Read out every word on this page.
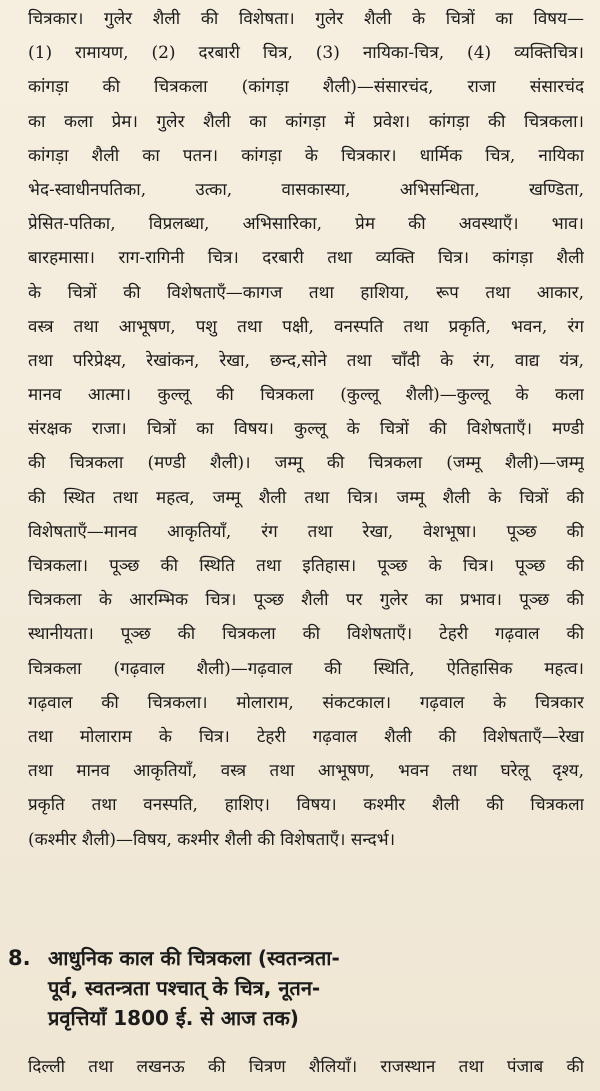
चित्रकार। गुलेर शैली की विशेषता। गुलेर शैली के चित्रों का विषय—
(1) रामायण, (2) दरबारी चित्र, (3) नायिका-चित्र, (4) व्यक्तिचित्र।
कांगड़ा की चित्रकला (कांगड़ा शैली)—संसारचंद, राजा संसारचंद
का कला प्रेम। गुलेर शैली का कांगड़ा में प्रवेश। कांगड़ा की चित्रकला।
कांगड़ा शैली का पतन। कांगड़ा के चित्रकार। धार्मिक चित्र, नायिका
भेद-स्वाधीनपतिका, उत्का, वासकास्या, अभिसन्धिता, खण्डिता,
प्रेसित-पतिका, विप्रलब्धा, अभिसारिका, प्रेम की अवस्थाएँ। भाव।
बारहमासा। राग-रागिनी चित्र। दरबारी तथा व्यक्ति चित्र। कांगड़ा शैली
के चित्रों की विशेषताएँ—कागज तथा हाशिया, रूप तथा आकार,
वस्त्र तथा आभूषण, पशु तथा पक्षी, वनस्पति तथा प्रकृति, भवन, रंग
तथा परिप्रेक्ष्य, रेखांकन, रेखा, छन्द,सोने तथा चाँदी के रंग, वाद्य यंत्र,
मानव आत्मा। कुल्लू की चित्रकला (कुल्लू शैली)—कुल्लू के कला
संरक्षक राजा। चित्रों का विषय। कुल्लू के चित्रों की विशेषताएँ। मण्डी
की चित्रकला (मण्डी शैली)। जम्मू की चित्रकला (जम्मू शैली)—जम्मू
की स्थित तथा महत्व, जम्मू शैली तथा चित्र। जम्मू शैली के चित्रों की
विशेषताएँ—मानव आकृतियाँ, रंग तथा रेखा, वेशभूषा। पूञ्छ की
चित्रकला। पूञ्छ की स्थिति तथा इतिहास। पूञ्छ के चित्र। पूञ्छ की
चित्रकला के आरम्भिक चित्र। पूञ्छ शैली पर गुलेर का प्रभाव। पूञ्छ की
स्थानीयता। पूञ्छ की चित्रकला की विशेषताएँ। टेहरी गढ़वाल की
चित्रकला (गढ़वाल शैली)—गढ़वाल की स्थिति, ऐतिहासिक महत्व।
गढ़वाल की चित्रकला। मोलाराम, संकटकाल। गढ़वाल के चित्रकार
तथा मोलाराम के चित्र। टेहरी गढ़वाल शैली की विशेषताएँ—रेखा
तथा मानव आकृतियाँ, वस्त्र तथा आभूषण, भवन तथा घरेलू दृश्य,
प्रकृति तथा वनस्पति, हाशिए। विषय। कश्मीर शैली की चित्रकला
(कश्मीर शैली)—विषय, कश्मीर शैली की विशेषताएँ। सन्दर्भ।
8. आधुनिक काल की चित्रकला (स्वतन्त्रता-
पूर्व, स्वतन्त्रता पश्चात् के चित्र, नूतन-
प्रवृत्तियाँ 1800 ई. से आज तक)
दिल्ली तथा लखनऊ की चित्रण शैलियाँ। राजस्थान तथा पंजाब की
